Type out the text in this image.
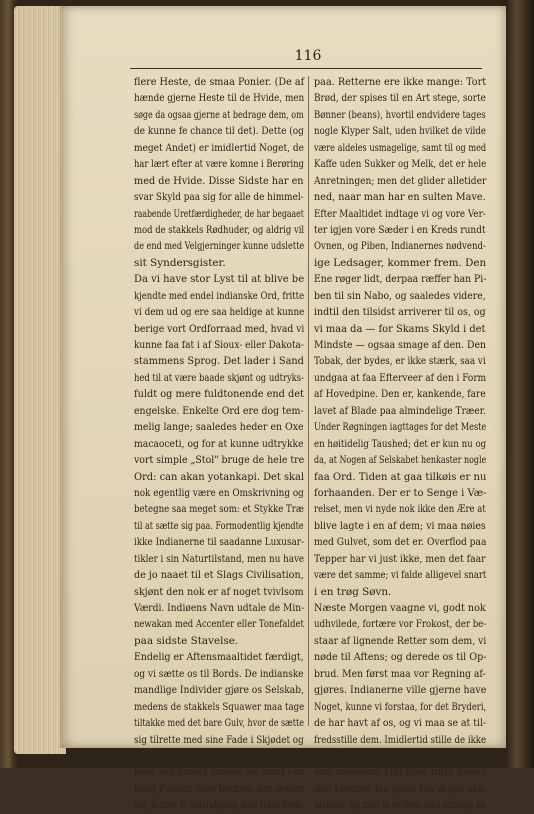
116
flere Heste, de smaa Ponier. (De af
hænde gjerne Heste til de Hvide, men
søge da ogsaa gjerne at bedrage dem, om
de kunne fe chance til det). Dette (og
meget Andet) er imidlertid Noget, de
har lært efter at være komne i Berøring
med de Hvide. Disse Sidste har en
svar Skyld paa sig for alle de himmel-
raabende Uretfærdigheder, de har begaaet
mod de stakkels Rødhuder, og aldrig vil
de end med Velgjerninger kunne udslette
sit Syndersgister.
Da vi have stor Lyst til at blive be
kjendte med endel indianske Ord, fritte
vi dem ud og ere saa heldige at kunne
berige vort Ordforraad med, hvad vi
kunne faa fat i af Sioux- eller Dakota-
stammens Sprog. Det lader i Sand
hed til at være baade skjønt og udtryks-
fuldt og mere fuldtonende end det
engelske. Enkelte Ord ere dog tem-
melig lange; saaledes heder en Oxe
macaoceti, og for at kunne udtrykke
vort simple „Stol" bruge de hele tre
Ord: can akan yotankapi. Det skal
nok egentlig være en Omskrivning og
betegne saa meget som: et Stykke Træ
til at sætte sig paa. Formodentlig kjendte
ikke Indianerne til saadanne Luxusar-
tikler i sin Naturtilstand, men nu have
de jo naaet til et Slags Civilisation,
skjønt den nok er af noget tvivlsom
Værdi. Indiøens Navn udtale de Min-
newakan med Accenter eller Tonefaldet
paa sidste Stavelse.
Endelig er Aftensmaaltidet færdigt,
og vi sætte os til Bords. De indianske
mandlige Individer gjøre os Selskab,
medens de stakkels Squawer maa tage
tiltakke med det bare Gulv, hvor de sætte
sig tilrette med sine Fade i Skjødet og
fortære sin Mad i al Stilhed. Mænd
bene ved Bordet indlade sig snart i en
livlig Passiar, men hvorom den dreier
sig, kunne vi selvfølgelig ikke hitte Rede
paa. Retterne ere ikke mange: Tort
Brød, der spises til en Art stege, sorte
Bønner (beans), hvortil endvidere tages
nogle Klyper Salt, uden hvilket de vilde
være aldeles usmagelige, samt til og med
Kaffe uden Sukker og Melk, det er hele
Anretningen; men det glider alletider
ned, naar man har en sulten Mave.
Efter Maaltidet indtage vi og vore Ver-
ter igjen vore Sæder i en Kreds rundt
Ovnen, og Piben, Indianernes nødvend-
ige Ledsager, kommer frem. Den
Ene røger lidt, derpaa ræffer han Pi-
ben til sin Nabo, og saaledes videre,
indtil den tilsidst arriverer til os, og
vi maa da — for Skams Skyld i det
Mindste — ogsaa smage af den. Den
Tobak, der bydes, er ikke stærk, saa vi
undgaa at faa Efterveer af den i Form
af Hovedpine. Den er, kankende, fare
lavet af Blade paa almindelige Træer.
Under Røgningen iagttages for det Meste
en høitidelig Taushed; det er kun nu og
da, at Nogen af Selskabet henkaster nogle
faa Ord. Tiden at gaa tilkøis er nu
forhaanden. Der er to Senge i Væ-
relset, men vi nyde nok ikke den Ære at
blive lagte i en af dem; vi maa nøies
med Gulvet, som det er. Overflod paa
Tepper har vi just ikke, men det faar
være det samme; vi falde alligevel snart
i en trøg Søvn.
Næste Morgen vaagne vi, godt nok
udhvilede, fortære vor Frokost, der be-
staar af lignende Retter som dem, vi
nøde til Aftens; og derede os til Op-
brud. Men først maa vor Regning af-
gjøres. Indianerne ville gjerne have
Noget, kunne vi forstaa, for det Bryderi,
de har havt af os, og vi maa se at til-
fredsstille dem. Imidlertid stille de ikke
sine Fordringer for høit, og de af os,
som muligens Lidt eller Intet have i
sine Lommer, faa ogsaa Lov at gaa uan-
tastede, og man vi er dem ikke engang en
